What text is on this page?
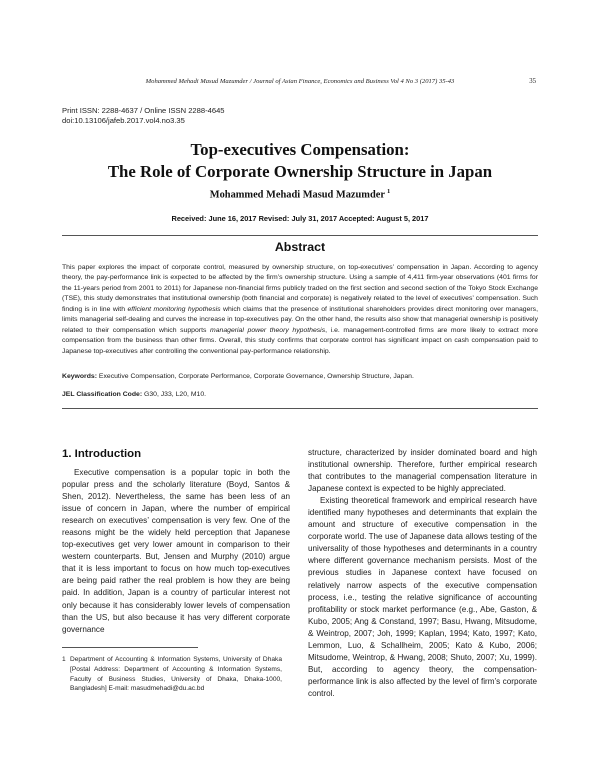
Mohammed Mehadi Masud Mazumder / Journal of Asian Finance, Economics and Business Vol 4 No 3 (2017) 35-43	35
Print ISSN: 2288-4637 / Online ISSN 2288-4645
doi:10.13106/jafeb.2017.vol4.no3.35
Top-executives Compensation:
The Role of Corporate Ownership Structure in Japan
Mohammed Mehadi Masud Mazumder $^1$
Received: June 16, 2017 Revised: July 31, 2017 Accepted: August 5, 2017
Abstract

This paper explores the impact of corporate control, measured by ownership structure, on top-executives’ compensation in Japan. According to agency theory, the pay-performance link is expected to be affected by the firm’s ownership structure. Using a sample of 4,411 firm-year observations (401 firms for the 11-years period from 2001 to 2011) for Japanese non-financial firms publicly traded on the first section and second section of the Tokyo Stock Exchange (TSE), this study demonstrates that institutional ownership (both financial and corporate) is negatively related to the level of executives’ compensation. Such finding is in line with efficient monitoring hypothesis which claims that the presence of institutional shareholders provides direct monitoring over managers, limits managerial self-dealing and curves the increase in top-executives pay. On the other hand, the results also show that managerial ownership is positively related to their compensation which supports managerial power theory hypothesis, i.e. management-controlled firms are more likely to extract more compensation from the business than other firms. Overall, this study confirms that corporate control has significant impact on cash compensation paid to Japanese top-executives after controlling the conventional pay-performance relationship.

Keywords: Executive Compensation, Corporate Performance, Corporate Governance, Ownership Structure, Japan.
JEL Classification Code: G30, J33, L20, M10.
1. Introduction

Executive compensation is a popular topic in both the popular press and the scholarly literature (Boyd, Santos & Shen, 2012). Nevertheless, the same has been less of an issue of concern in Japan, where the number of empirical research on executives’ compensation is very few. One of the reasons might be the widely held perception that Japanese top-executives get very lower amount in comparison to their western counterparts. But, Jensen and Murphy (2010) argue that it is less important to focus on how much top-executives are being paid rather the real problem is how they are being paid. In addition, Japan is a country of particular interest not only because it has considerably lower levels of compensation than the US, but also because it has very different corporate governance

structure, characterized by insider dominated board and high institutional ownership. Therefore, further empirical research that contributes to the managerial compensation literature in Japanese context is expected to be highly appreciated.

Existing theoretical framework and empirical research have identified many hypotheses and determinants that explain the amount and structure of executive compensation in the corporate world. The use of Japanese data allows testing of the universality of those hypotheses and determinants in a country where different governance mechanism persists. Most of the previous studies in Japanese context have focused on relatively narrow aspects of the executive compensation process, i.e., testing the relative significance of accounting profitability or stock market performance (e.g., Abe, Gaston, & Kubo, 2005; Ang & Constand, 1997; Basu, Hwang, Mitsudome, & Weintrop, 2007; Joh, 1999; Kaplan, 1994; Kato, 1997; Kato, Lemmon, Luo, & Schallheim, 2005; Kato & Kubo, 2006; Mitsudome, Weintrop, & Hwang, 2008; Shuto, 2007; Xu, 1999). But, according to agency theory, the compensation-performance link is also affected by the level of firm’s corporate control.

1 Department of Accounting & Information Systems, University of Dhaka [Postal Address: Department of Accounting & Information Systems, Faculty of Business Studies, University of Dhaka, Dhaka-1000, Bangladesh] E-mail: masudmehadi@du.ac.bd
